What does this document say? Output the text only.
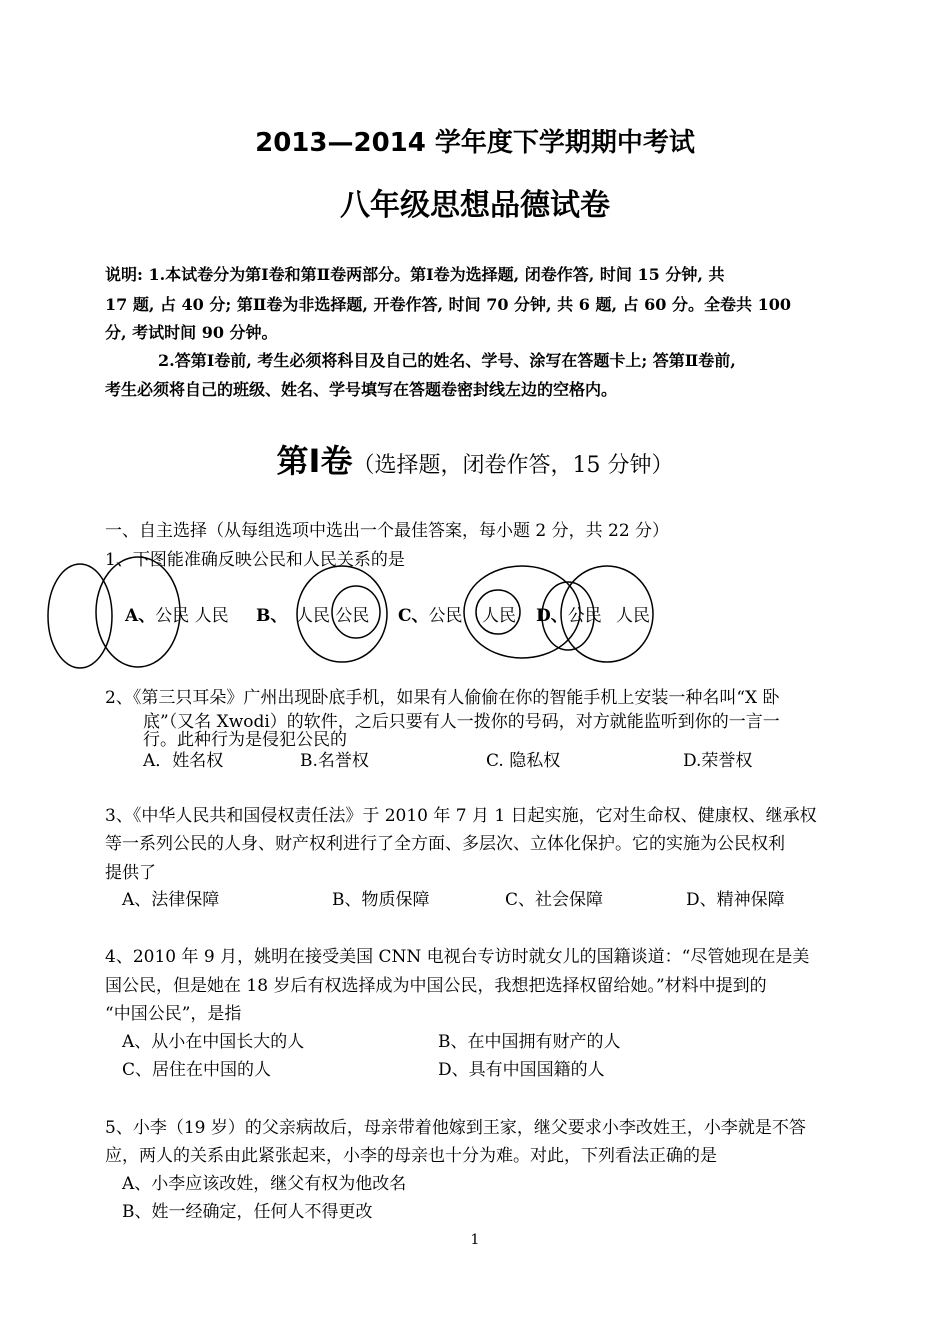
2013—2014 学年度下学期期中考试
八年级思想品德试卷
说明: 1.本试卷分为第Ⅰ卷和第Ⅱ卷两部分。第Ⅰ卷为选择题, 闭卷作答, 时间 15 分钟, 共
17 题, 占 40 分; 第Ⅱ卷为非选择题, 开卷作答, 时间 70 分钟, 共 6 题, 占 60 分。全卷共 100
分, 考试时间 90 分钟。
2.答第Ⅰ卷前, 考生必须将科目及自己的姓名、学号、涂写在答题卡上; 答第Ⅱ卷前,
考生必须将自己的班级、姓名、学号填写在答题卷密封线左边的空格内。
第Ⅰ卷（选择题，闭卷作答，15 分钟）
一、自主选择（从每组选项中选出一个最佳答案，每小题 2 分，共 22 分）
1、下图能准确反映公民和人民关系的是
A、公民 人民 B、 人民 公民 C、公民 人民 D、公民 人民
2、《第三只耳朵》广州出现卧底手机，如果有人偷偷在你的智能手机上安装一种名叫“X 卧
底”（又名 Xwodi）的软件，之后只要有人一拨你的号码，对方就能监听到你的一言一
行。此种行为是侵犯公民的
A．姓名权	B.名誉权	C. 隐私权	D.荣誉权
3、《中华人民共和国侵权责任法》于 2010 年 7 月 1 日起实施，它对生命权、健康权、继承权
等一系列公民的人身、财产权利进行了全方面、多层次、立体化保护。它的实施为公民权利
提供了
A、法律保障	B、物质保障	C、社会保障	D、精神保障
4、2010 年 9 月，姚明在接受美国 CNN 电视台专访时就女儿的国籍谈道：“尽管她现在是美
国公民，但是她在 18 岁后有权选择成为中国公民，我想把选择权留给她。”材料中提到的
“中国公民”，是指
A、从小在中国长大的人	B、在中国拥有财产的人
C、居住在中国的人	D、具有中国国籍的人
5、小李（19 岁）的父亲病故后，母亲带着他嫁到王家，继父要求小李改姓王，小李就是不答
应，两人的关系由此紧张起来，小李的母亲也十分为难。对此，下列看法正确的是
A、小李应该改姓，继父有权为他改名
B、姓一经确定，任何人不得更改
1
